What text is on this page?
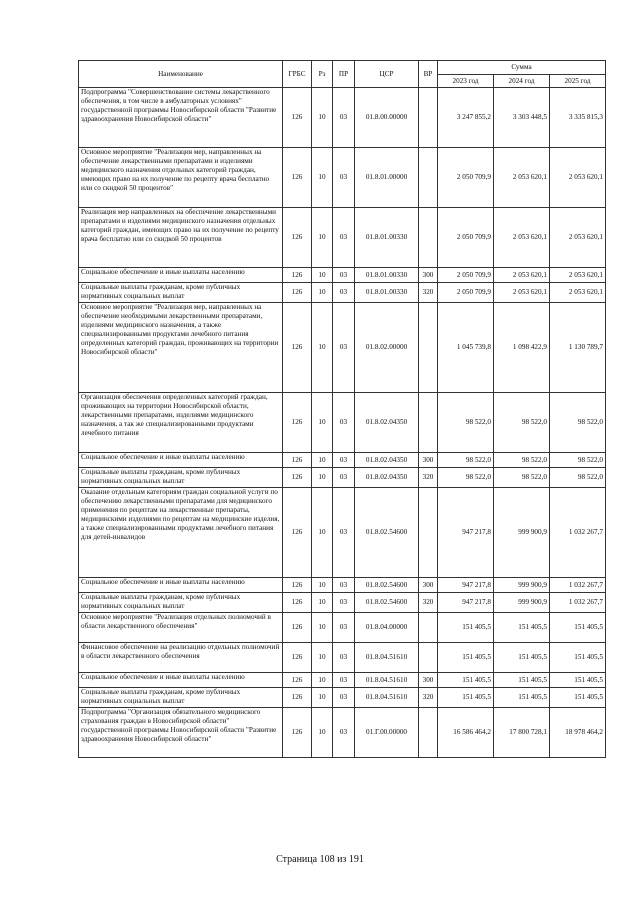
Наименование	ГРБС	Рз	ПР	ЦСР	ВР	Сумма		
						2023 год	2024 год	2025 год
Подпрограмма "Совершенствование системы лекарственного обеспечения, в том числе в амбулаторных условиях" государственной программы Новосибирской области "Развитие здравоохранения Новосибирской области"	126	10	03	01.8.00.00000		3 247 855,2	3 303 448,5	3 335 815,3
Основное мероприятие "Реализация мер, направленных на обеспечение лекарственными препаратами и изделиями медицинского назначения отдельных категорий граждан, имеющих право на их получение по рецепту врача бесплатно или со скидкой 50 процентов"	126	10	03	01.8.01.00000		2 050 709,9	2 053 620,1	2 053 620,1
Реализация мер направленных на обеспечение лекарственными препаратами и изделиями медицинского назначения отдельных категорий граждан, имеющих право на их получение по рецепту врача бесплатно или со скидкой 50 процентов	126	10	03	01.8.01.00330		2 050 709,9	2 053 620,1	2 053 620,1
Социальное обеспечение и иные выплаты населению	126	10	03	01.8.01.00330	300	2 050 709,9	2 053 620,1	2 053 620,1
Социальные выплаты гражданам, кроме публичных нормативных социальных выплат	126	10	03	01.8.01.00330	320	2 050 709,9	2 053 620,1	2 053 620,1
Основное мероприятие "Реализация мер, направленных на обеспечение необходимыми лекарственными препаратами, изделиями медицинского назначения, а также специализированными продуктами лечебного питания определенных категорий граждан, проживающих на территории Новосибирской области"	126	10	03	01.8.02.00000		1 045 739,8	1 098 422,9	1 130 789,7
Организация обеспечения определенных категорий граждан, проживающих на территории Новосибирской области, лекарственными препаратами, изделиями медицинского назначения, а так же специализированными продуктами лечебного питания	126	10	03	01.8.02.04350		98 522,0	98 522,0	98 522,0
Социальное обеспечение и иные выплаты населению	126	10	03	01.8.02.04350	300	98 522,0	98 522,0	98 522,0
Социальные выплаты гражданам, кроме публичных нормативных социальных выплат	126	10	03	01.8.02.04350	320	98 522,0	98 522,0	98 522,0
Оказание отдельным категориям граждан социальной услуги по обеспечению лекарственными препаратами для медицинского применения по рецептам на лекарственные препараты, медицинскими изделиями по рецептам на медицинские изделия, а также специализированными продуктами лечебного питания для детей-инвалидов	126	10	03	01.8.02.54600		947 217,8	999 900,9	1 032 267,7
Социальное обеспечение и иные выплаты населению	126	10	03	01.8.02.54600	300	947 217,8	999 900,9	1 032 267,7
Социальные выплаты гражданам, кроме публичных нормативных социальных выплат	126	10	03	01.8.02.54600	320	947 217,8	999 900,9	1 032 267,7
Основное мероприятие "Реализация отдельных полномочий в области лекарственного обеспечения"	126	10	03	01.8.04.00000		151 405,5	151 405,5	151 405,5
Финансовое обеспечение на реализацию отдельных полномочий в области лекарственного обеспечения	126	10	03	01.8.04.51610		151 405,5	151 405,5	151 405,5
Социальное обеспечение и иные выплаты населению	126	10	03	01.8.04.51610	300	151 405,5	151 405,5	151 405,5
Социальные выплаты гражданам, кроме публичных нормативных социальных выплат	126	10	03	01.8.04.51610	320	151 405,5	151 405,5	151 405,5
Подпрограмма "Организация обязательного медицинского страхования граждан в Новосибирской области" государственной программы Новосибирской области "Развитие здравоохранения Новосибирской области"	126	10	03	01.Г.00.00000		16 586 464,2	17 800 728,1	18 978 464,2
Страница 108 из 191
